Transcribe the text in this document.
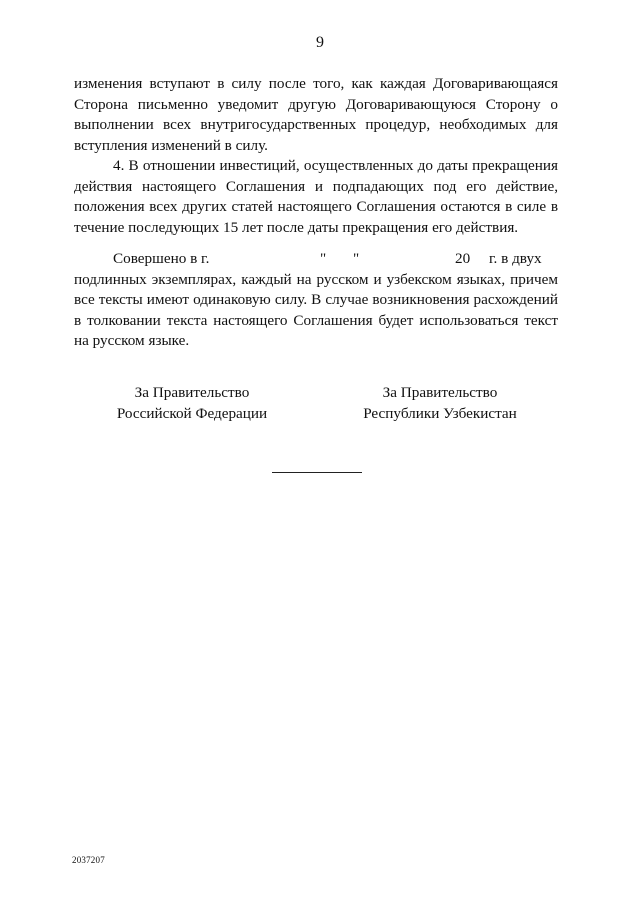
9

изменения вступают в силу после того, как каждая Договаривающаяся Сторона письменно уведомит другую Договаривающуюся Сторону о выполнении всех внутригосударственных процедур, необходимых для вступления изменений в силу.

4. В отношении инвестиций, осуществленных до даты прекращения действия настоящего Соглашения и подпадающих под его действие, положения всех других статей настоящего Соглашения остаются в силе в течение последующих 15 лет после даты прекращения его действия.

Совершено в г.	" "	20 г. в двух

подлинных экземплярах, каждый на русском и узбекском языках, причем все тексты имеют одинаковую силу. В случае возникновения расхождений в толковании текста настоящего Соглашения будет использоваться текст на русском языке.

За Правительство
Российской Федерации
За Правительство
Республики Узбекистан
2037207
